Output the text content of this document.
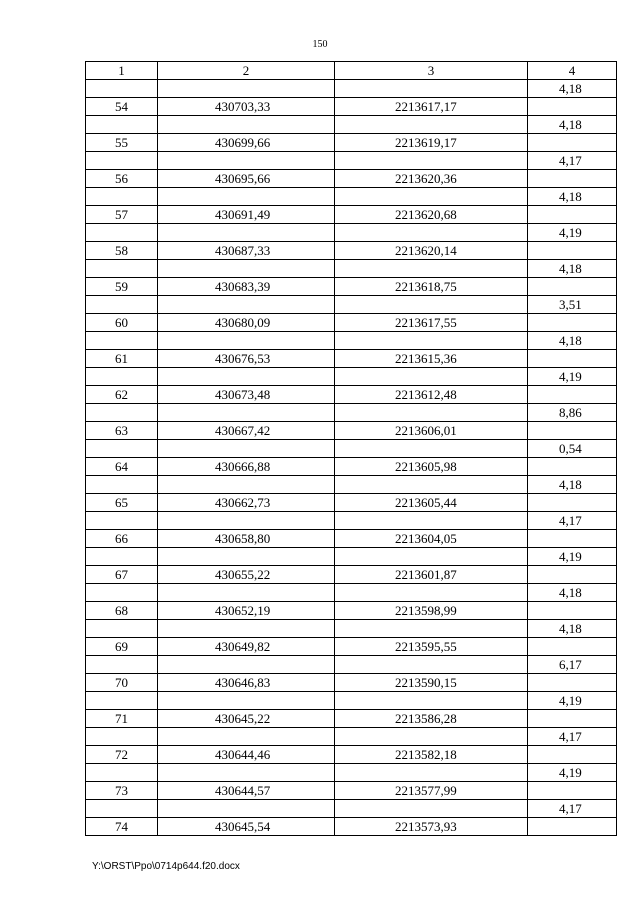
150
1	2	3	4
			4,18
54	430703,33	2213617,17	
			4,18
55	430699,66	2213619,17	
			4,17
56	430695,66	2213620,36	
			4,18
57	430691,49	2213620,68	
			4,19
58	430687,33	2213620,14	
			4,18
59	430683,39	2213618,75	
			3,51
60	430680,09	2213617,55	
			4,18
61	430676,53	2213615,36	
			4,19
62	430673,48	2213612,48	
			8,86
63	430667,42	2213606,01	
			0,54
64	430666,88	2213605,98	
			4,18
65	430662,73	2213605,44	
			4,17
66	430658,80	2213604,05	
			4,19
67	430655,22	2213601,87	
			4,18
68	430652,19	2213598,99	
			4,18
69	430649,82	2213595,55	
			6,17
70	430646,83	2213590,15	
			4,19
71	430645,22	2213586,28	
			4,17
72	430644,46	2213582,18	
			4,19
73	430644,57	2213577,99	
			4,17
74	430645,54	2213573,93	
Y:\ORST\Ppo\0714p644.f20.docx
